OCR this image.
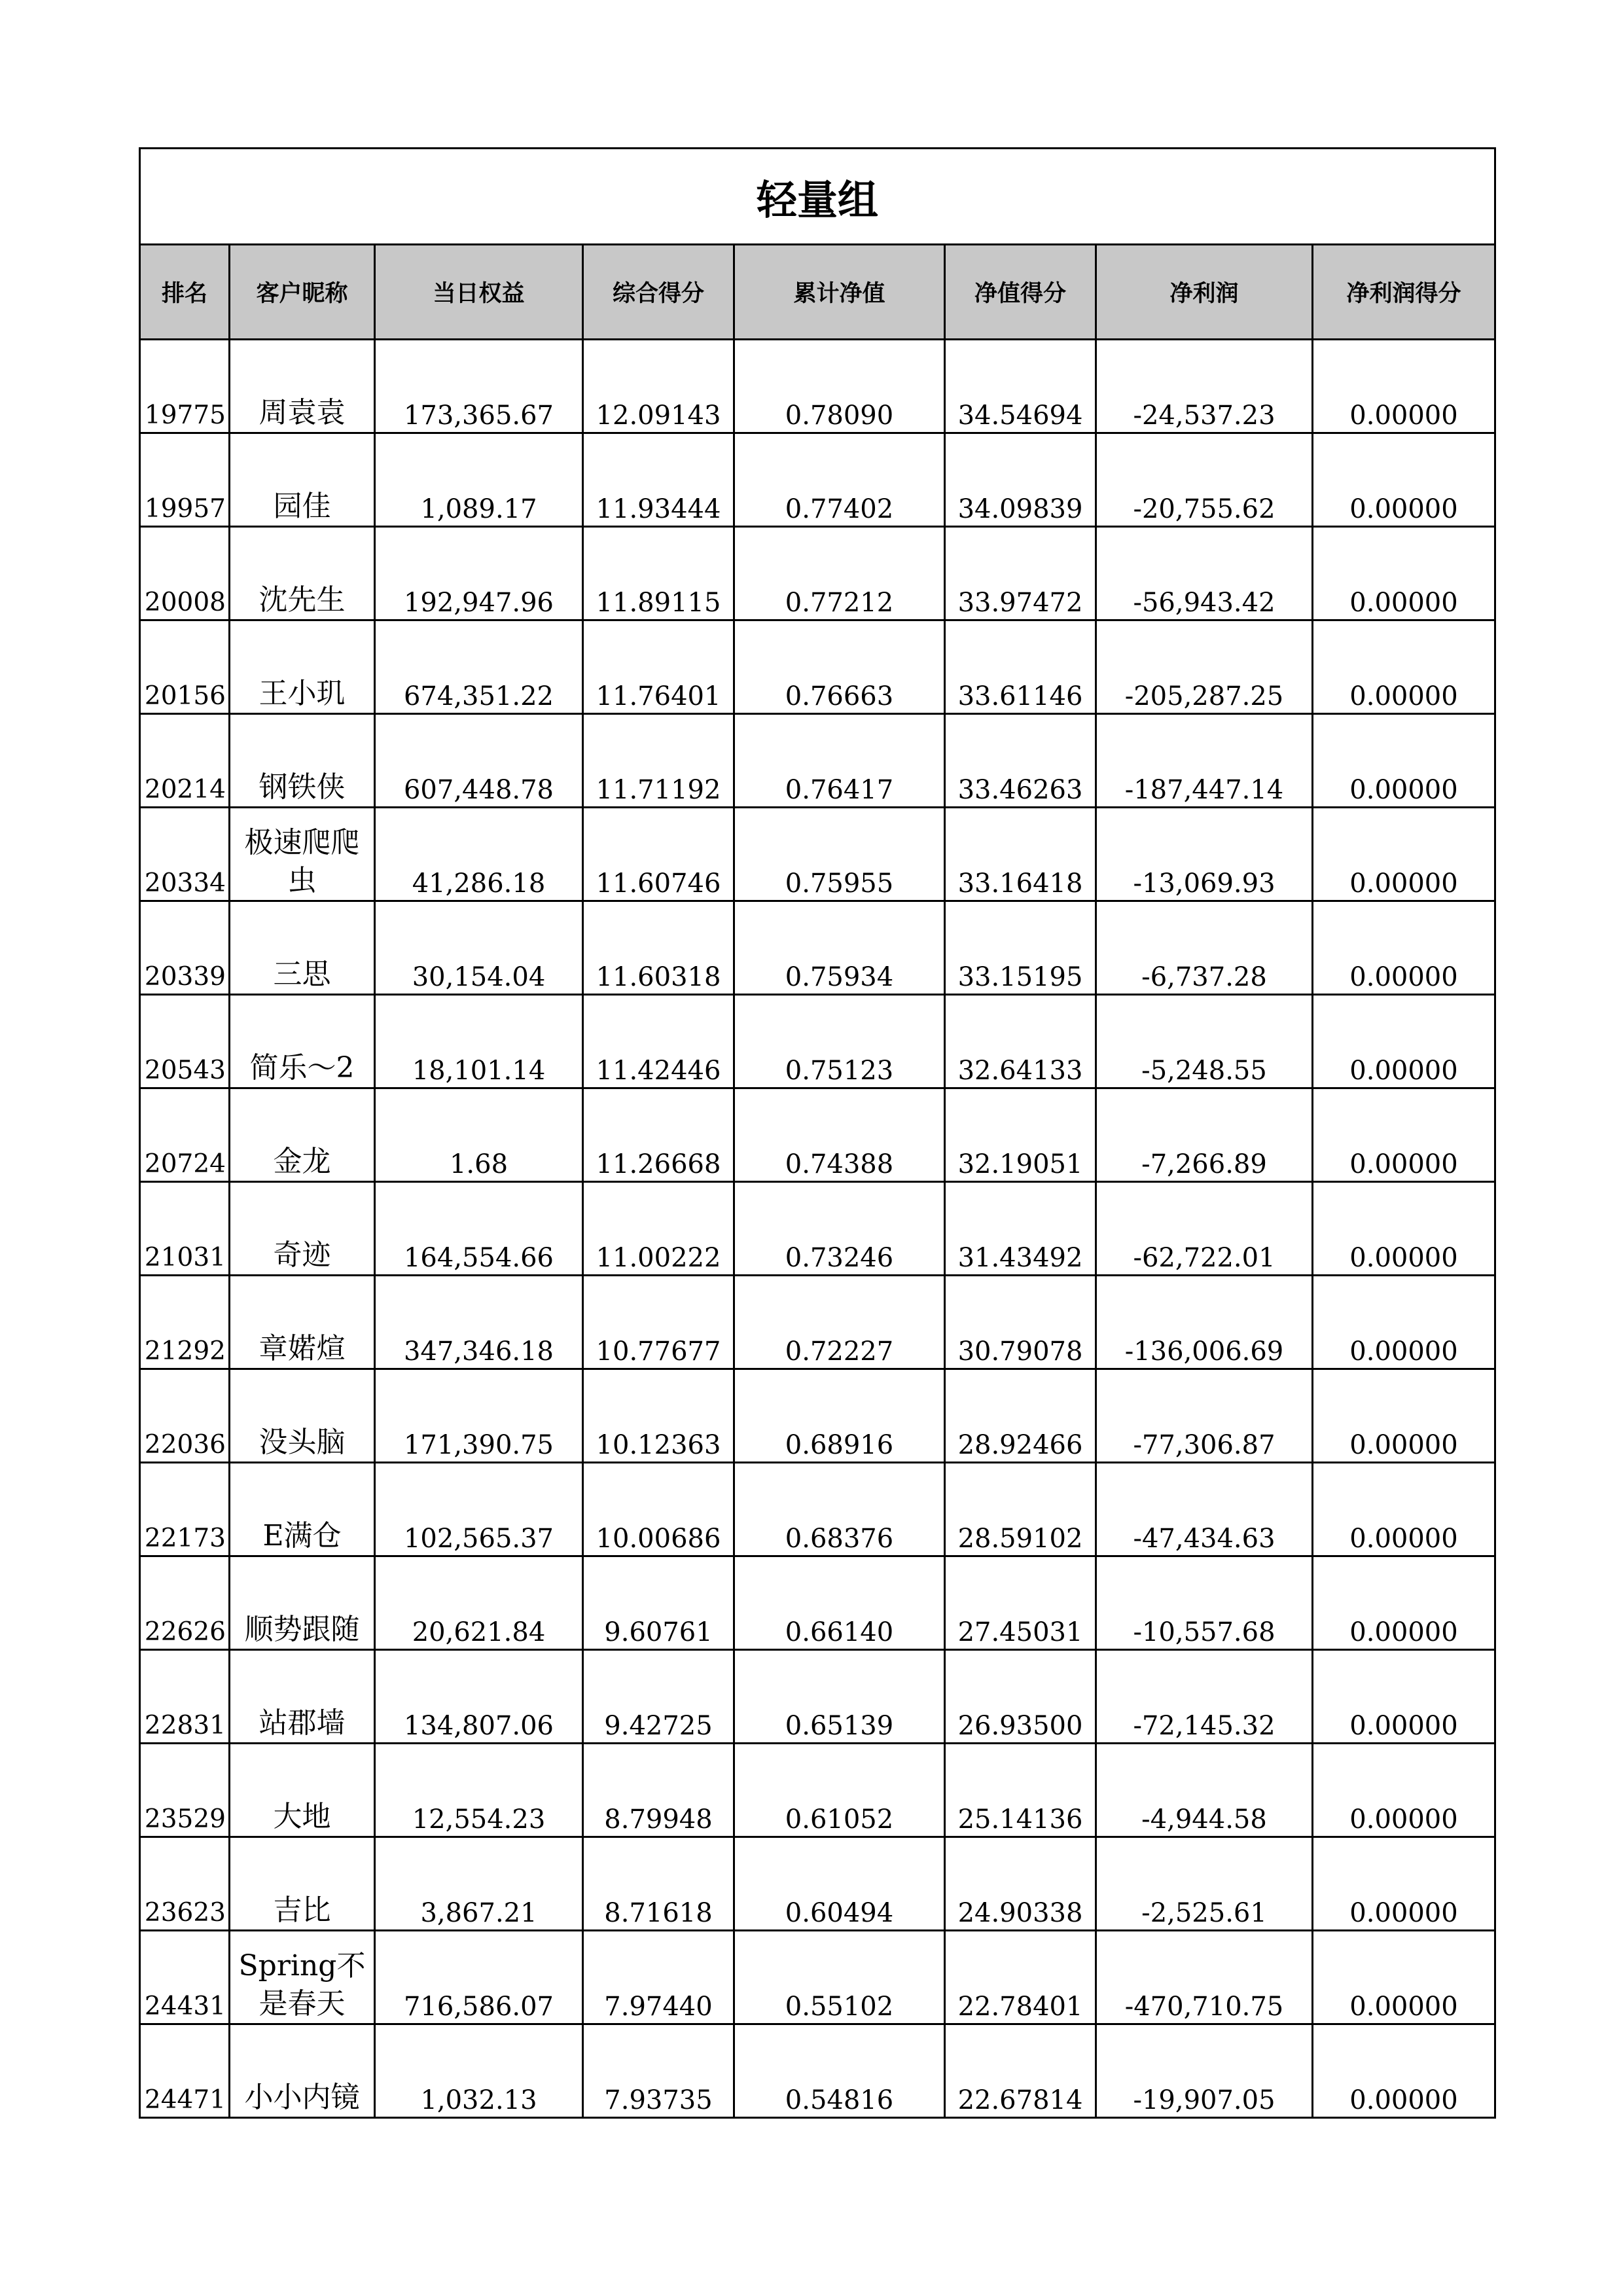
轻量组							
排名	客户昵称	当日权益	综合得分	累计净值	净值得分	净利润	净利润得分
19775	周袁袁	173,365.67	12.09143	0.78090	34.54694	-24,537.23	0.00000
19957	园佳	1,089.17	11.93444	0.77402	34.09839	-20,755.62	0.00000
20008	沈先生	192,947.96	11.89115	0.77212	33.97472	-56,943.42	0.00000
20156	王小玑	674,351.22	11.76401	0.76663	33.61146	-205,287.25	0.00000
20214	钢铁侠	607,448.78	11.71192	0.76417	33.46263	-187,447.14	0.00000
20334	极速爬爬虫	41,286.18	11.60746	0.75955	33.16418	-13,069.93	0.00000
20339	三思	30,154.04	11.60318	0.75934	33.15195	-6,737.28	0.00000
20543	简乐～2	18,101.14	11.42446	0.75123	32.64133	-5,248.55	0.00000
20724	金龙	1.68	11.26668	0.74388	32.19051	-7,266.89	0.00000
21031	奇迹	164,554.66	11.00222	0.73246	31.43492	-62,722.01	0.00000
21292	章婼煊	347,346.18	10.77677	0.72227	30.79078	-136,006.69	0.00000
22036	没头脑	171,390.75	10.12363	0.68916	28.92466	-77,306.87	0.00000
22173	E满仓	102,565.37	10.00686	0.68376	28.59102	-47,434.63	0.00000
22626	顺势跟随	20,621.84	9.60761	0.66140	27.45031	-10,557.68	0.00000
22831	站郡墙	134,807.06	9.42725	0.65139	26.93500	-72,145.32	0.00000
23529	大地	12,554.23	8.79948	0.61052	25.14136	-4,944.58	0.00000
23623	吉比	3,867.21	8.71618	0.60494	24.90338	-2,525.61	0.00000
24431	Spring不是春天	716,586.07	7.97440	0.55102	22.78401	-470,710.75	0.00000
24471	小小内镜	1,032.13	7.93735	0.54816	22.67814	-19,907.05	0.00000
